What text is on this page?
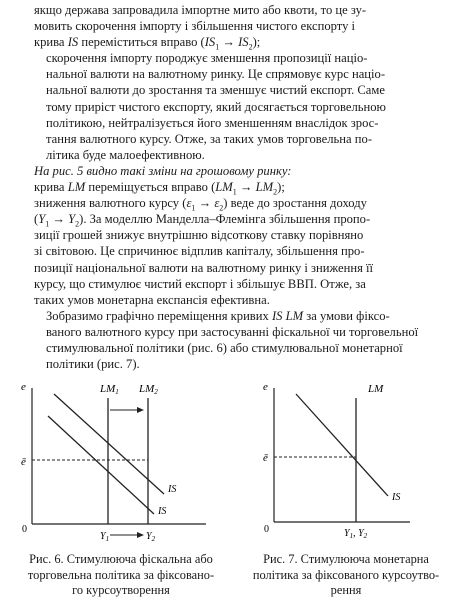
якщо держава запровадила імпортне мито або квоти, то це зу-
мовить скорочення імпорту і збільшення чистого експорту і
крива IS переміститься вправо $(IS_1 \to IS_2)$;

скорочення імпорту породжує зменшення пропозиції націо-
нальної валюти на валютному ринку. Це спрямовує курс націо-
нальної валюти до зростання та зменшує чистий експорт. Саме
тому приріст чистого експорту, який досягається торговельною
політикою, нейтралізується його зменшенням внаслідок зрос-
тання валютного курсу. Отже, за таких умов торговельна по-
літика буде малоефективною.

На рис. 5 видно такі зміни на грошовому ринку:

крива LM переміщується вправо $(LM_1 \to LM_2)$;

зниження валютного курсу $(\varepsilon_1 \to \varepsilon_2)$ веде до зростання доходу
$(Y_1 \to Y_2)$. За моделлю Манделла–Флемінга збільшення пропо-
зиції грошей знижує внутрішню відсоткову ставку порівняно
зі світовою. Це спричинює відплив капіталу, збільшення про-
позиції національної валюти на валютному ринку і зниження її
курсу, що стимулює чистий експорт і збільшує ВВП. Отже, за
таких умов монетарна експансія ефективна.

Зобразимо графічно переміщення кривих IS LM за умови фіксо-
ваного валютного курсу при застосуванні фіскальної чи торговельної
стимулювальної політики (рис. 6) або стимулювальної монетарної
політики (рис. 7).

e
0
ē
LM1 LM2
IS
IS
$Y_1$	$Y_2$
e
0
ē
LM
IS
$Y_1$, $Y_2$
Рис. 6. Стимулююча фіскальна або
торговельна політика за фіксовано-
го курсоутворення
Рис. 7. Стимулююча монетарна
політика за фіксованого курсоутво-
рення
